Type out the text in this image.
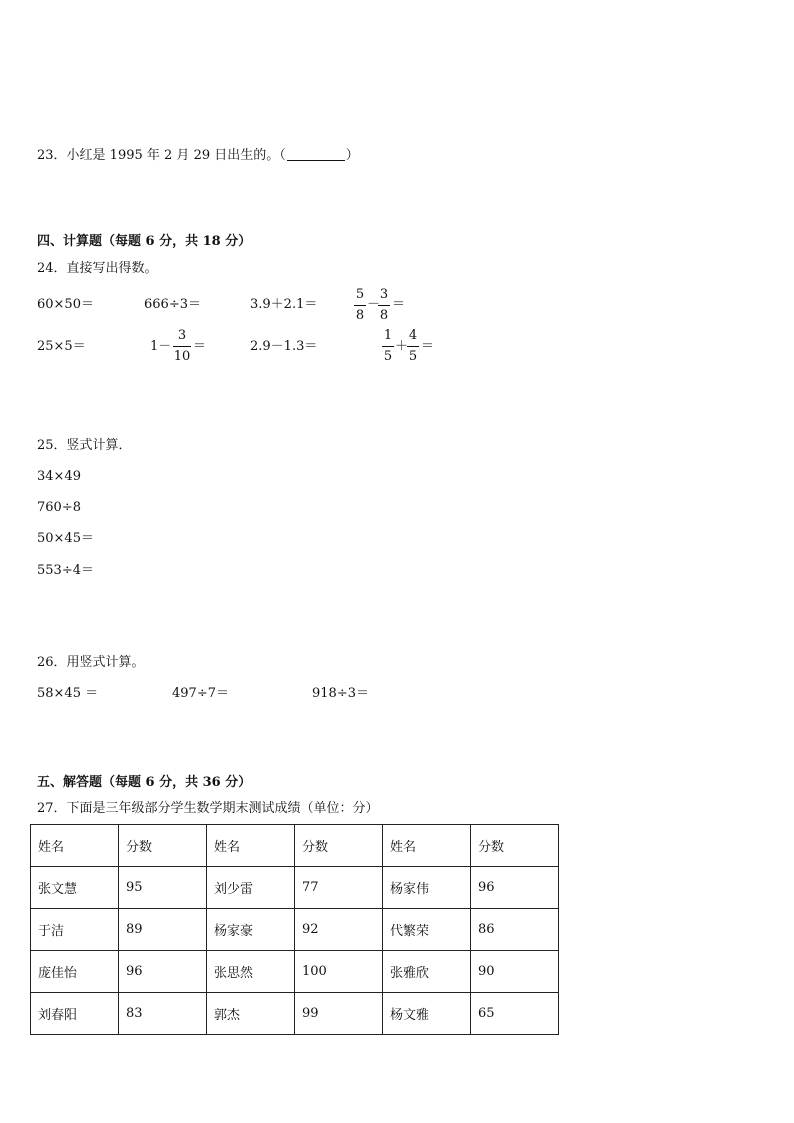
23．小红是 1995 年 2 月 29 日出生的。（	）
四、计算题（每题 6 分，共 18 分）
24．直接写出得数。
60×50＝	666÷3＝	3.9＋2.1＝
5
8
－
3
8
＝
25×5＝	1－
3
10
＝	2.9－1.3＝
1
5
＋
4
5
＝
25．竖式计算．
34×49
760÷8
50×45＝
553÷4＝
26．用竖式计算。
58×45 ＝	497÷7＝	918÷3＝
五、解答题（每题 6 分，共 36 分）
27．下面是三年级部分学生数学期末测试成绩（单位：分）
姓名	分数	姓名	分数	姓名	分数
张文慧	95	刘少雷	77	杨家伟	96
于洁	89	杨家豪	92	代繁荣	86
庞佳怡	96	张思然	100	张雅欣	90
刘春阳	83	郭杰	99	杨文雅	65
